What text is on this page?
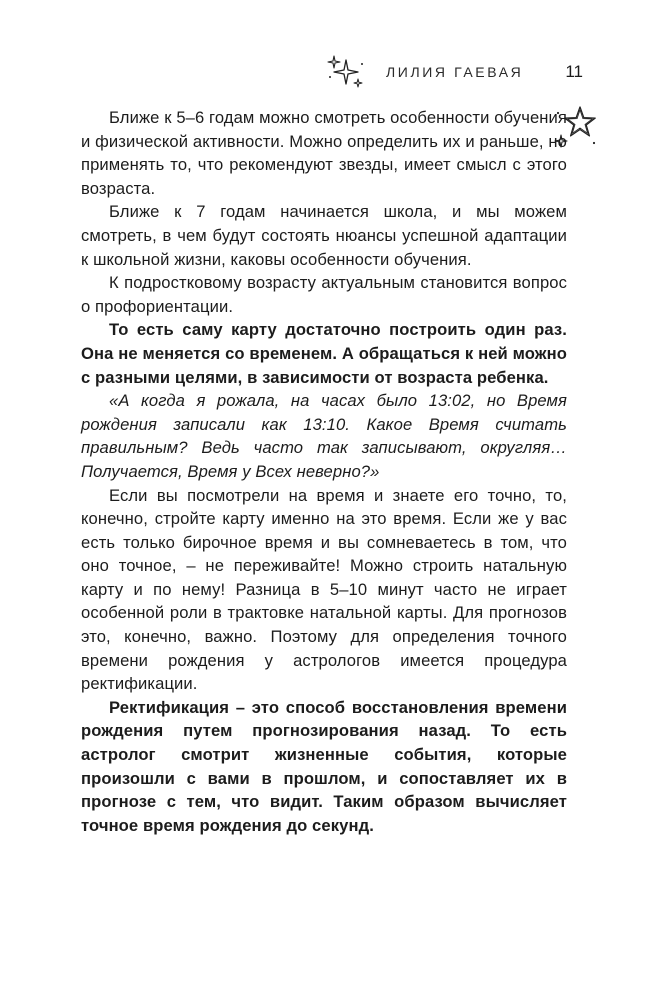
ЛИЛИЯ ГАЕВАЯ 11

Ближе к 5–6 годам можно смотреть особенности обучения и физической активности. Можно определить их и раньше, но применять то, что рекомендуют звезды, имеет смысл с этого возраста.

Ближе к 7 годам начинается школа, и мы можем смотреть, в чем будут состоять нюансы успешной адаптации к школьной жизни, каковы особенности обучения.

К подростковому возрасту актуальным становится вопрос о профориентации.

То есть саму карту достаточно построить один раз. Она не меняется со временем. А обращаться к ней можно с разными целями, в зависимости от возраста ребенка.

«А когда я рожала, на часах было 13:02, но Время рождения записали как 13:10. Какое Время считать правильным? Ведь часто так записывают, округляя… Получается, Время у Всех неверно?»

Если вы посмотрели на время и знаете его точно, то, конечно, стройте карту именно на это время. Если же у вас есть только бирочное время и вы сомневаетесь в том, что оно точное, – не переживайте! Можно строить натальную карту и по нему! Разница в 5–10 минут часто не играет особенной роли в трактовке натальной карты. Для прогнозов это, конечно, важно. Поэтому для определения точного времени рождения у астрологов имеется процедура ректификации.

Ректификация – это способ восстановления времени рождения путем прогнозирования назад. То есть астролог смотрит жизненные события, которые произошли с вами в прошлом, и сопоставляет их в прогнозе с тем, что видит. Таким образом вычисляет точное время рождения до секунд.
